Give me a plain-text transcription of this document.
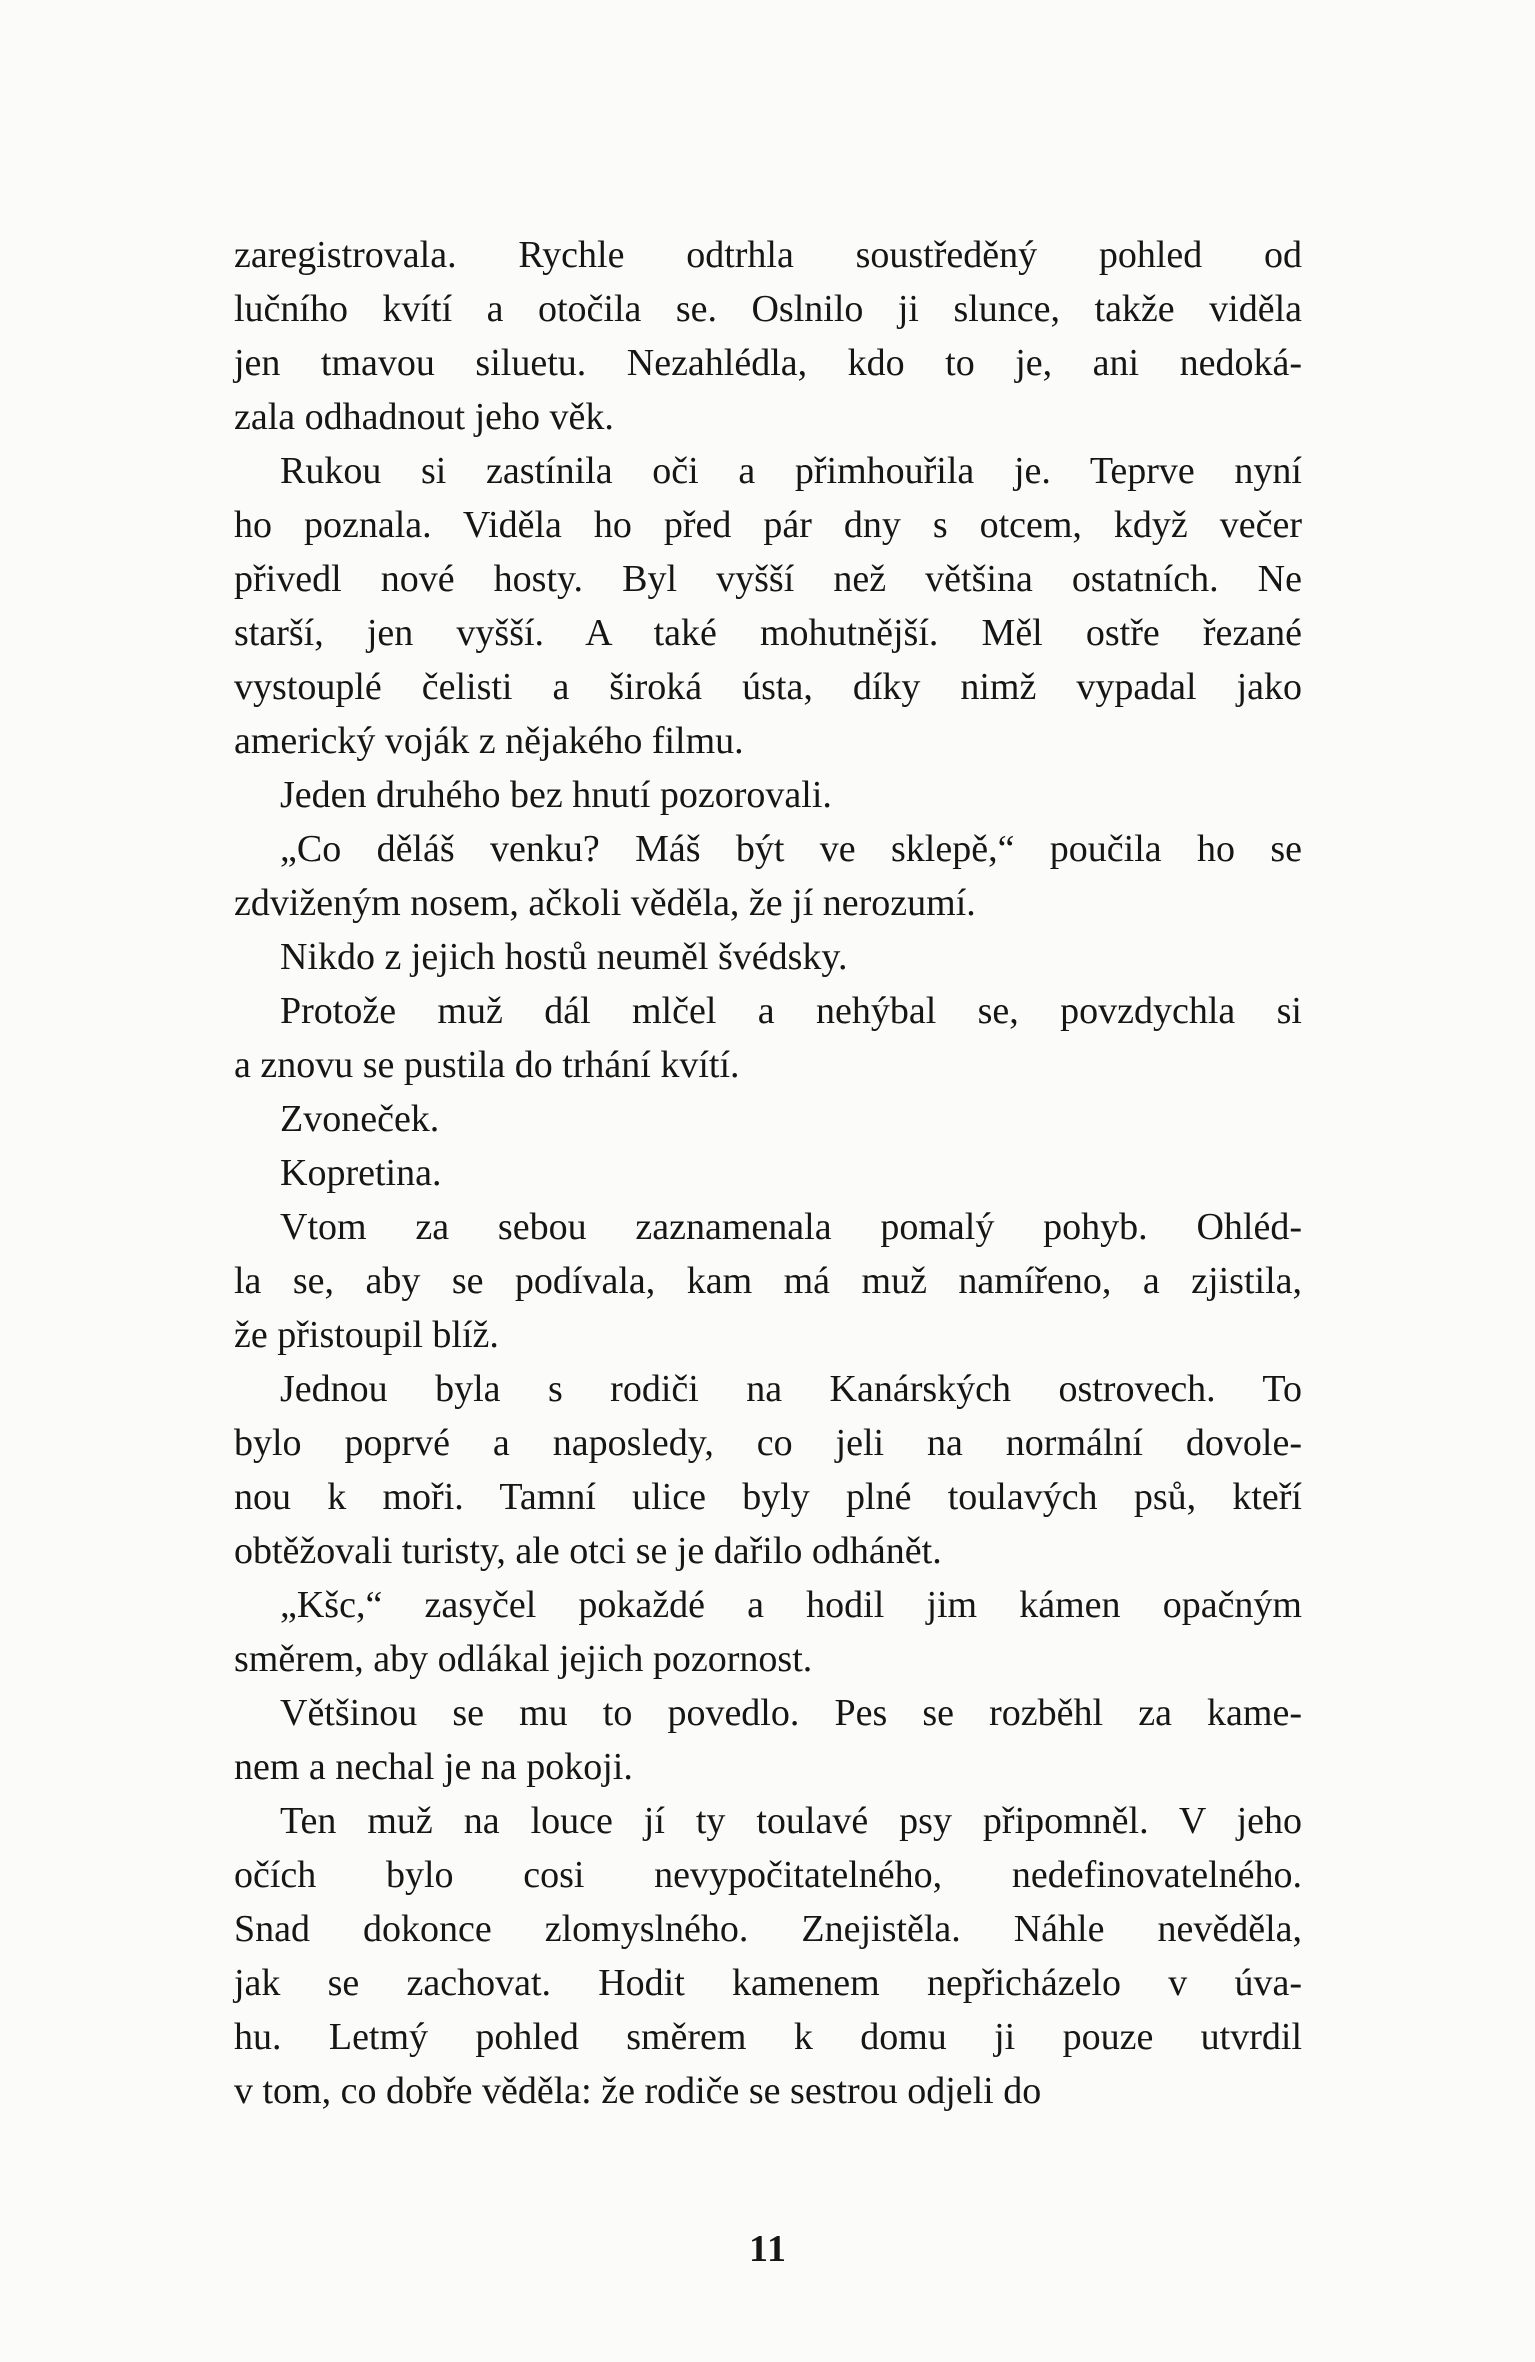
zaregistrovala. Rychle odtrhla soustředěný pohled od
lučního kvítí a otočila se. Oslnilo ji slunce, takže viděla
jen tmavou siluetu. Nezahlédla, kdo to je, ani nedoká-
zala odhadnout jeho věk.

Rukou si zastínila oči a přimhouřila je. Teprve nyní
ho poznala. Viděla ho před pár dny s otcem, když večer
přivedl nové hosty. Byl vyšší než většina ostatních. Ne
starší, jen vyšší. A také mohutnější. Měl ostře řezané
vystouplé čelisti a široká ústa, díky nimž vypadal jako
americký voják z nějakého filmu.

Jeden druhého bez hnutí pozorovali.

„Co děláš venku? Máš být ve sklepě,“ poučila ho se
zdviženým nosem, ačkoli věděla, že jí nerozumí.

Nikdo z jejich hostů neuměl švédsky.

Protože muž dál mlčel a nehýbal se, povzdychla si
a znovu se pustila do trhání kvítí.

Zvoneček.

Kopretina.

Vtom za sebou zaznamenala pomalý pohyb. Ohléd-
la se, aby se podívala, kam má muž namířeno, a zjistila,
že přistoupil blíž.

Jednou byla s rodiči na Kanárských ostrovech. To
bylo poprvé a naposledy, co jeli na normální dovole-
nou k moři. Tamní ulice byly plné toulavých psů, kteří
obtěžovali turisty, ale otci se je dařilo odhánět.

„Kšc,“ zasyčel pokaždé a hodil jim kámen opačným
směrem, aby odlákal jejich pozornost.

Většinou se mu to povedlo. Pes se rozběhl za kame-
nem a nechal je na pokoji.

Ten muž na louce jí ty toulavé psy připomněl. V jeho
očích bylo cosi nevypočitatelného, nedefinovatelného.
Snad dokonce zlomyslného. Znejistěla. Náhle nevěděla,
jak se zachovat. Hodit kamenem nepřicházelo v úva-
hu. Letmý pohled směrem k domu ji pouze utvrdil
v tom, co dobře věděla: že rodiče se sestrou odjeli do

11
